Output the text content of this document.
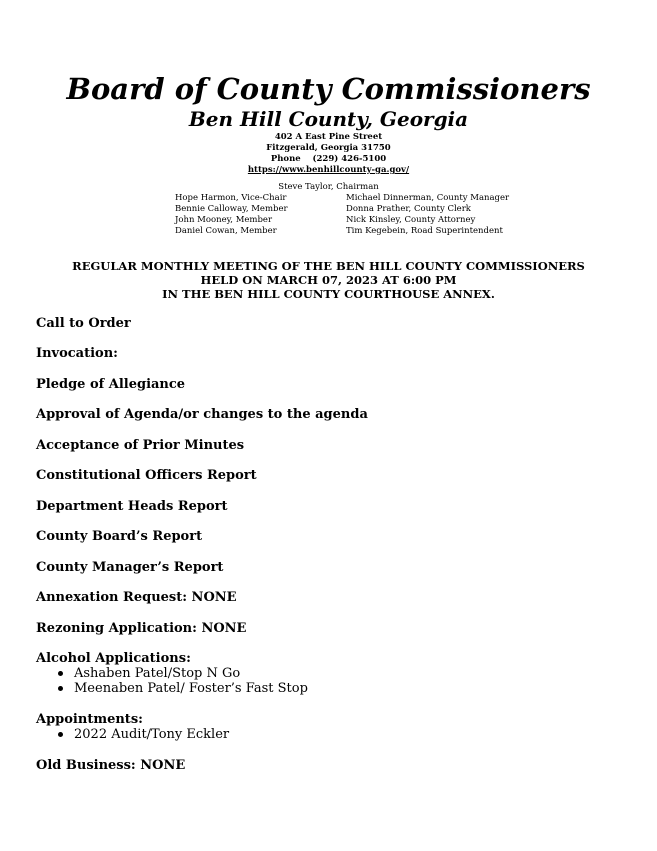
Board of County Commissioners
Ben Hill County, Georgia
402 A East Pine Street
Fitzgerald, Georgia 31750
Phone    (229) 426-5100
https://www.benhillcounty-ga.gov/
Steve Taylor, Chairman
Hope Harmon, Vice-Chair
Bennie Calloway, Member
John Mooney, Member
Daniel Cowan, Member
Michael Dinnerman, County Manager
Donna Prather, County Clerk
Nick Kinsley, County Attorney
Tim Kegebein, Road Superintendent
REGULAR MONTHLY MEETING OF THE BEN HILL COUNTY COMMISSIONERS
HELD ON MARCH 07, 2023 AT 6:00 PM
IN THE BEN HILL COUNTY COURTHOUSE ANNEX.
Call to Order
Invocation:
Pledge of Allegiance
Approval of Agenda/or changes to the agenda
Acceptance of Prior Minutes
Constitutional Officers Report
Department Heads Report
County Board’s Report
County Manager’s Report
Annexation Request: NONE
Rezoning Application: NONE
Alcohol Applications:
Ashaben Patel/Stop N Go
Meenaben Patel/ Foster’s Fast Stop
Appointments:
2022 Audit/Tony Eckler
Old Business: NONE
